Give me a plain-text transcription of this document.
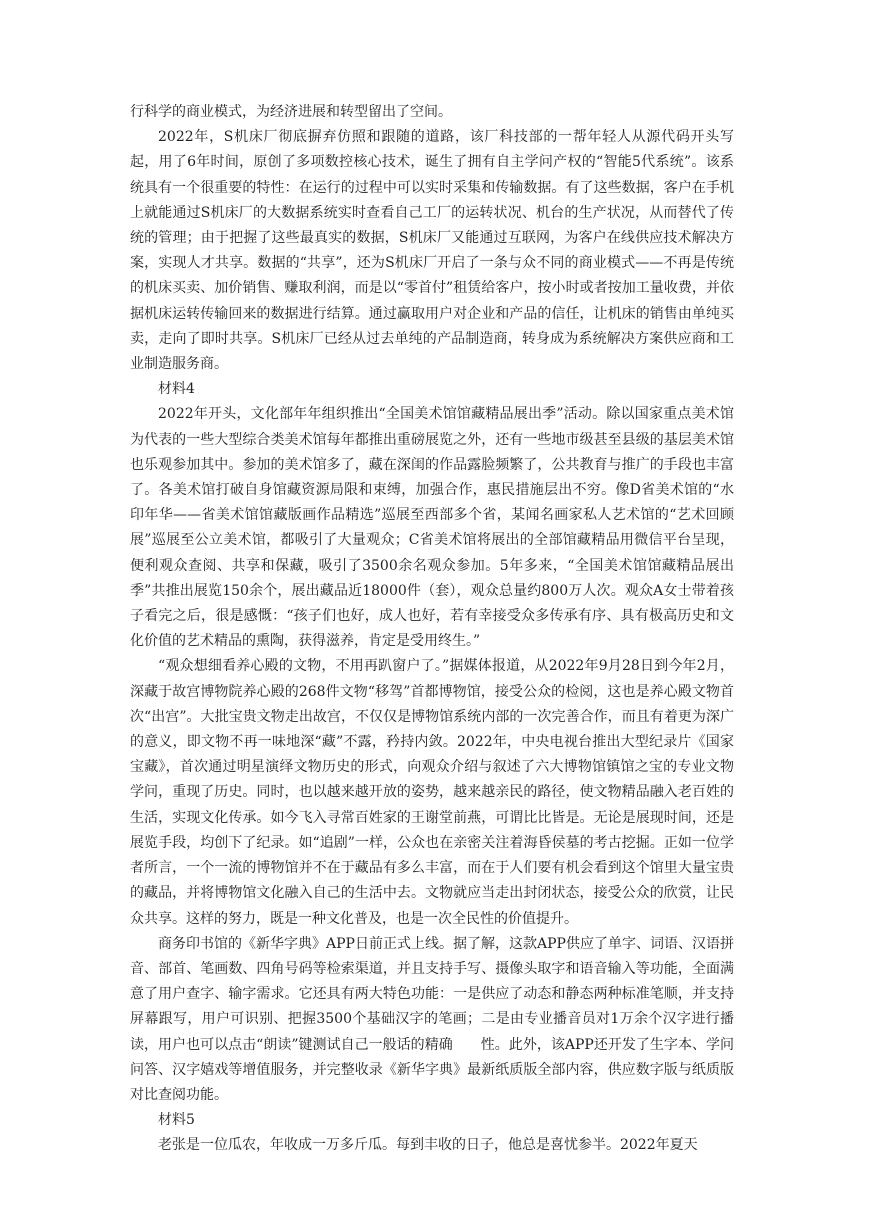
行科学的商业模式，为经济进展和转型留出了空间。

2022年，S机床厂彻底摒弃仿照和跟随的道路，该厂科技部的一帮年轻人从源代码开头写起，用了6年时间，原创了多项数控核心技术，诞生了拥有自主学问产权的“智能5代系统”。该系统具有一个很重要的特性：在运行的过程中可以实时采集和传输数据。有了这些数据，客户在手机上就能通过S机床厂的大数据系统实时查看自己工厂的运转状况、机台的生产状况，从而替代了传统的管理；由于把握了这些最真实的数据，S机床厂又能通过互联网，为客户在线供应技术解决方案，实现人才共享。数据的“共享”，还为S机床厂开启了一条与众不同的商业模式——不再是传统的机床买卖、加价销售、赚取利润，而是以“零首付”租赁给客户，按小时或者按加工量收费，并依据机床运转传输回来的数据进行结算。通过赢取用户对企业和产品的信任，让机床的销售由单纯买卖，走向了即时共享。S机床厂已经从过去单纯的产品制造商，转身成为系统解决方案供应商和工业制造服务商。

材料4

2022年开头，文化部年年组织推出“全国美术馆馆藏精品展出季”活动。除以国家重点美术馆为代表的一些大型综合类美术馆每年都推出重磅展览之外，还有一些地市级甚至县级的基层美术馆也乐观参加其中。参加的美术馆多了，藏在深闺的作品露脸频繁了，公共教育与推广的手段也丰富了。各美术馆打破自身馆藏资源局限和束缚，加强合作，惠民措施层出不穷。像D省美术馆的“水印年华——省美术馆馆藏版画作品精选”巡展至西部多个省，某闻名画家私人艺术馆的“艺术回顾展”巡展至公立美术馆，都吸引了大量观众；C省美术馆将展出的全部馆藏精品用微信平台呈现，便利观众查阅、共享和保藏，吸引了3500余名观众参加。5年多来，“全国美术馆馆藏精品展出季”共推出展览150余个，展出藏品近18000件（套），观众总量约800万人次。观众A女士带着孩子看完之后，很是感慨：“孩子们也好，成人也好，若有幸接受众多传承有序、具有极高历史和文化价值的艺术精品的熏陶，获得滋养，肯定是受用终生。”

“观众想细看养心殿的文物，不用再趴窗户了。”据媒体报道，从2022年9月28日到今年2月，深藏于故宫博物院养心殿的268件文物“移驾”首都博物馆，接受公众的检阅，这也是养心殿文物首次“出宫”。大批宝贵文物走出故宫，不仅仅是博物馆系统内部的一次完善合作，而且有着更为深广的意义，即文物不再一味地深“藏”不露，矜持内敛。2022年，中央电视台推出大型纪录片《国家宝藏》，首次通过明星演绎文物历史的形式，向观众介绍与叙述了六大博物馆镇馆之宝的专业文物学问，重现了历史。同时，也以越来越开放的姿势，越来越亲民的路径，使文物精品融入老百姓的生活，实现文化传承。如今飞入寻常百姓家的王谢堂前燕，可谓比比皆是。无论是展现时间，还是展览手段，均创下了纪录。如“追剧”一样，公众也在亲密关注着海昏侯墓的考古挖掘。正如一位学者所言，一个一流的博物馆并不在于藏品有多么丰富，而在于人们要有机会看到这个馆里大量宝贵的藏品，并将博物馆文化融入自己的生活中去。文物就应当走出封闭状态，接受公众的欣赏，让民众共享。这样的努力，既是一种文化普及，也是一次全民性的价值提升。

商务印书馆的《新华字典》APP日前正式上线。据了解，这款APP供应了单字、词语、汉语拼音、部首、笔画数、四角号码等检索渠道，并且支持手写、摄像头取字和语音输入等功能，全面满意了用户查字、输字需求。它还具有两大特色功能：一是供应了动态和静态两种标准笔顺，并支持屏幕跟写，用户可识别、把握3500个基础汉字的笔画；二是由专业播音员对1万余个汉字进行播读，用户也可以点击“朗读”键测试自己一般话的精确　　性。此外，该APP还开发了生字本、学问问答、汉字嬉戏等增值服务，并完整收录《新华字典》最新纸质版全部内容，供应数字版与纸质版对比查阅功能。

材料5

老张是一位瓜农，年收成一万多斤瓜。每到丰收的日子，他总是喜忧参半。2022年夏天
